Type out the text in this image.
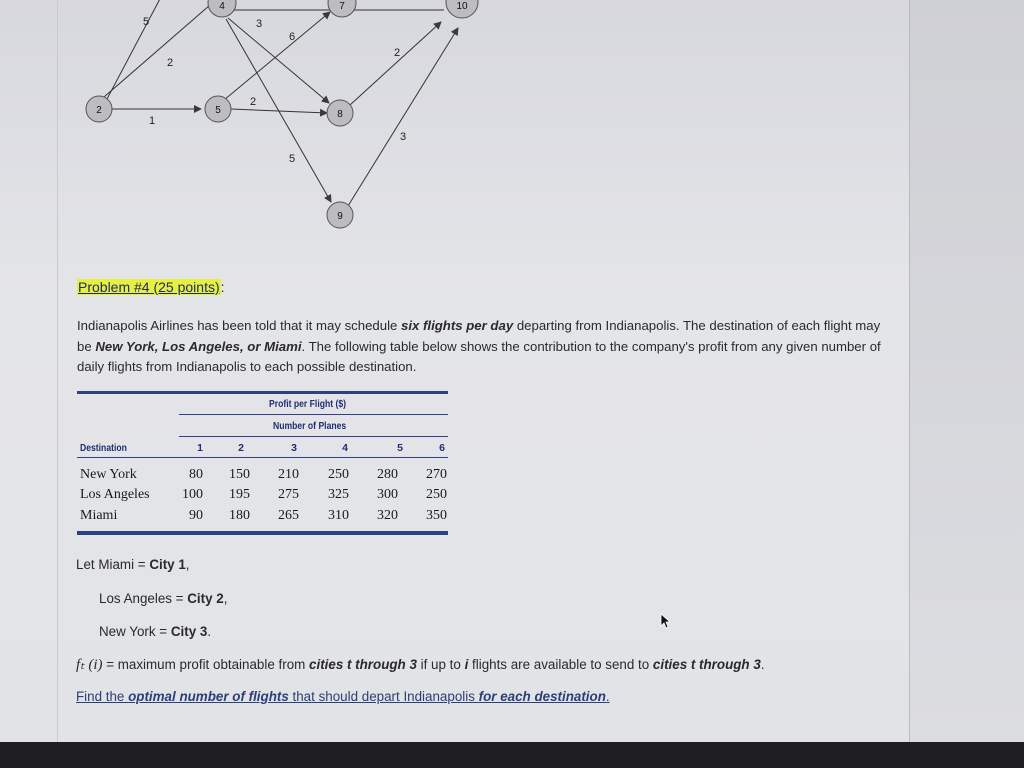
2	5	8
9
4	7	10
5	3
6
2
2
1
2
3
5
Problem #4 (25 points):
Indianapolis Airlines has been told that it may schedule six flights per day departing from Indianapolis. The destination of each flight may be New York, Los Angeles, or Miami. The following table below shows the contribution to the company's profit from any given number of daily flights from Indianapolis to each possible destination.
Profit per Flight ($)
Number of Planes
Destination	1	2	3	4	5	6
New York	80	150	210	250	280	270
Los Angeles	100	195	275	325	300	250
Miami	90	180	265	310	320	350
Let Miami = City 1,
Los Angeles = City 2,
New York = City 3.
fₜ (i) = maximum profit obtainable from cities t through 3 if up to i flights are available to send to cities t through 3.
Find the optimal number of flights that should depart Indianapolis for each destination.
